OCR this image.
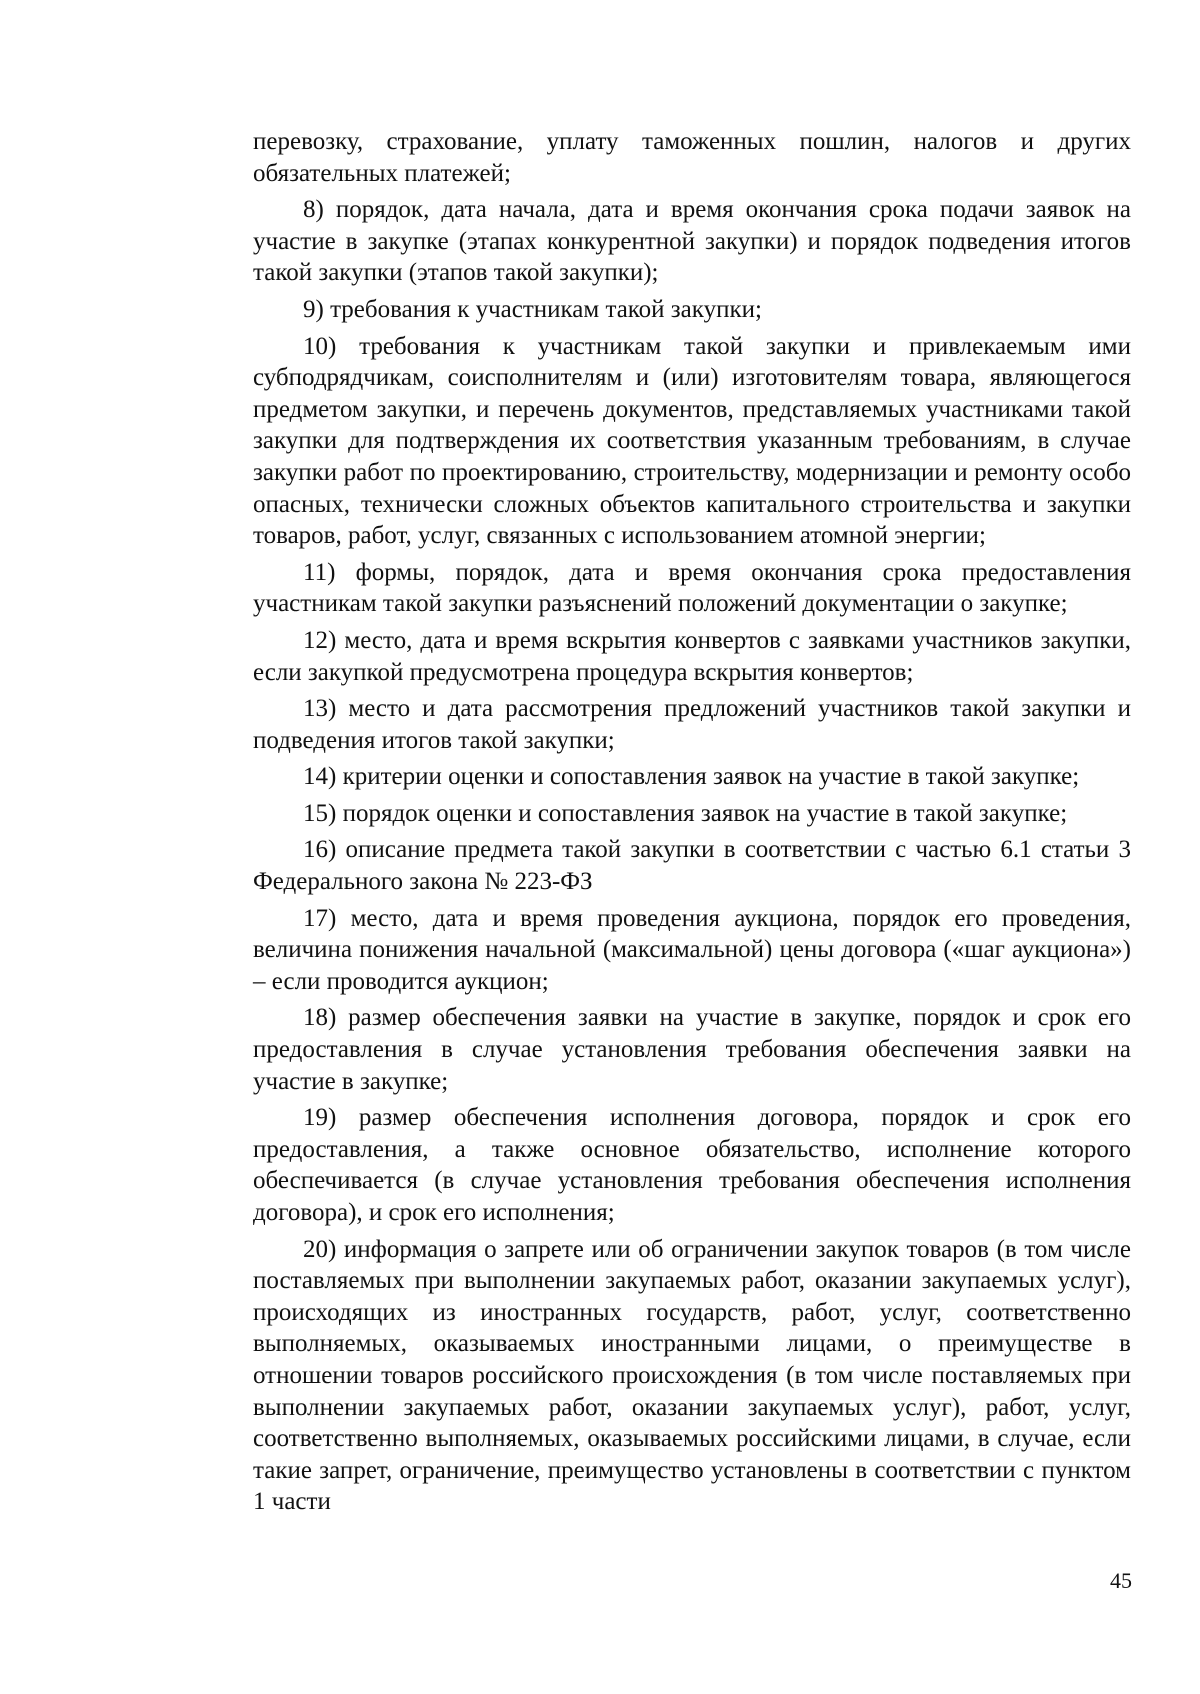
перевозку, страхование, уплату таможенных пошлин, налогов и других обязательных платежей;

8) порядок, дата начала, дата и время окончания срока подачи заявок на участие в закупке (этапах конкурентной закупки) и порядок подведения итогов такой закупки (этапов такой закупки);

9) требования к участникам такой закупки;

10) требования к участникам такой закупки и привлекаемым ими субподрядчикам, соисполнителям и (или) изготовителям товара, являющегося предметом закупки, и перечень документов, представляемых участниками такой закупки для подтверждения их соответствия указанным требованиям, в случае закупки работ по проектированию, строительству, модернизации и ремонту особо опасных, технически сложных объектов капитального строительства и закупки товаров, работ, услуг, связанных с использованием атомной энергии;

11) формы, порядок, дата и время окончания срока предоставления участникам такой закупки разъяснений положений документации о закупке;

12) место, дата и время вскрытия конвертов с заявками участников закупки, если закупкой предусмотрена процедура вскрытия конвертов;

13) место и дата рассмотрения предложений участников такой закупки и подведения итогов такой закупки;

14) критерии оценки и сопоставления заявок на участие в такой закупке;

15) порядок оценки и сопоставления заявок на участие в такой закупке;

16) описание предмета такой закупки в соответствии с частью 6.1 статьи 3 Федерального закона № 223-ФЗ

17) место, дата и время проведения аукциона, порядок его проведения, величина понижения начальной (максимальной) цены договора («шаг аукциона») – если проводится аукцион;

18) размер обеспечения заявки на участие в закупке, порядок и срок его предоставления в случае установления требования обеспечения заявки на участие в закупке;

19) размер обеспечения исполнения договора, порядок и срок его предоставления, а также основное обязательство, исполнение которого обеспечивается (в случае установления требования обеспечения исполнения договора), и срок его исполнения;

20) информация о запрете или об ограничении закупок товаров (в том числе поставляемых при выполнении закупаемых работ, оказании закупаемых услуг), происходящих из иностранных государств, работ, услуг, соответственно выполняемых, оказываемых иностранными лицами, о преимуществе в отношении товаров российского происхождения (в том числе поставляемых при выполнении закупаемых работ, оказании закупаемых услуг), работ, услуг, соответственно выполняемых, оказываемых российскими лицами, в случае, если такие запрет, ограничение, преимущество установлены в соответствии с пунктом 1 части

45
